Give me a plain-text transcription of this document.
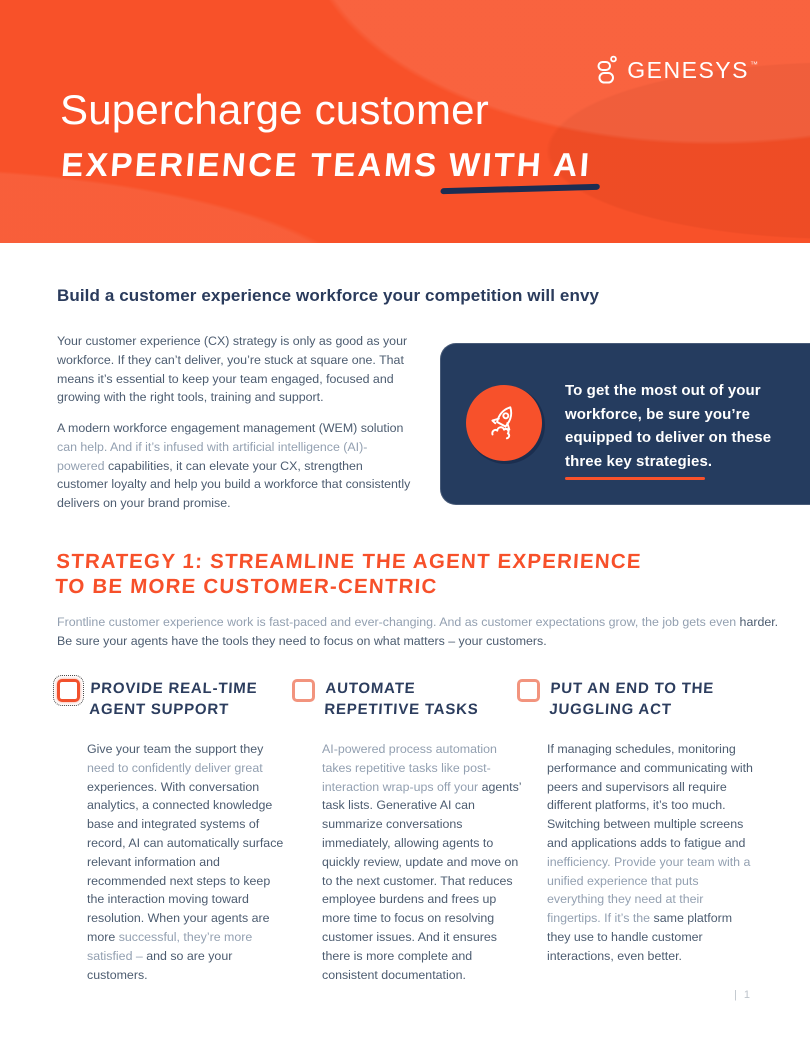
GENESYS ™
Supercharge customer
EXPERIENCE TEAMS WITH AI
Build a customer experience workforce your competition will envy

Your customer experience (CX) strategy is only as good as your workforce. If they can’t deliver, you’re stuck at square one. That means it’s essential to keep your team engaged, focused and growing with the right tools, training and support.

A modern workforce engagement management (WEM) solution can help. And if it’s infused with artificial intelligence (AI)-powered capabilities, it can elevate your CX, strengthen customer loyalty and help you build a workforce that consistently delivers on your brand promise.

To get the most out of your workforce, be sure you’re equipped to deliver on these three key strategies.

STRATEGY 1: STREAMLINE THE AGENT EXPERIENCE
TO BE MORE CUSTOMER-CENTRIC

Frontline customer experience work is fast-paced and ever-changing. And as customer expectations grow, the job gets even harder. Be sure your agents have the tools they need to focus on what matters – your customers.

PROVIDE REAL-TIME
AGENT SUPPORT

Give your team the support they need to confidently deliver great experiences. With conversation analytics, a connected knowledge base and integrated systems of record, AI can automatically surface relevant information and recommended next steps to keep the interaction moving toward resolution. When your agents are more successful, they’re more satisfied – and so are your customers.

AUTOMATE
REPETITIVE TASKS

AI-powered process automation takes repetitive tasks like post-interaction wrap-ups off your agents’ task lists. Generative AI can summarize conversations immediately, allowing agents to quickly review, update and move on to the next customer. That reduces employee burdens and frees up more time to focus on resolving customer issues. And it ensures there is more complete and consistent documentation.

PUT AN END TO THE
JUGGLING ACT

If managing schedules, monitoring performance and communicating with peers and supervisors all require different platforms, it’s too much. Switching between multiple screens and applications adds to fatigue and inefficiency. Provide your team with a unified experience that puts everything they need at their fingertips. If it’s the same platform they use to handle customer interactions, even better.

| 1
